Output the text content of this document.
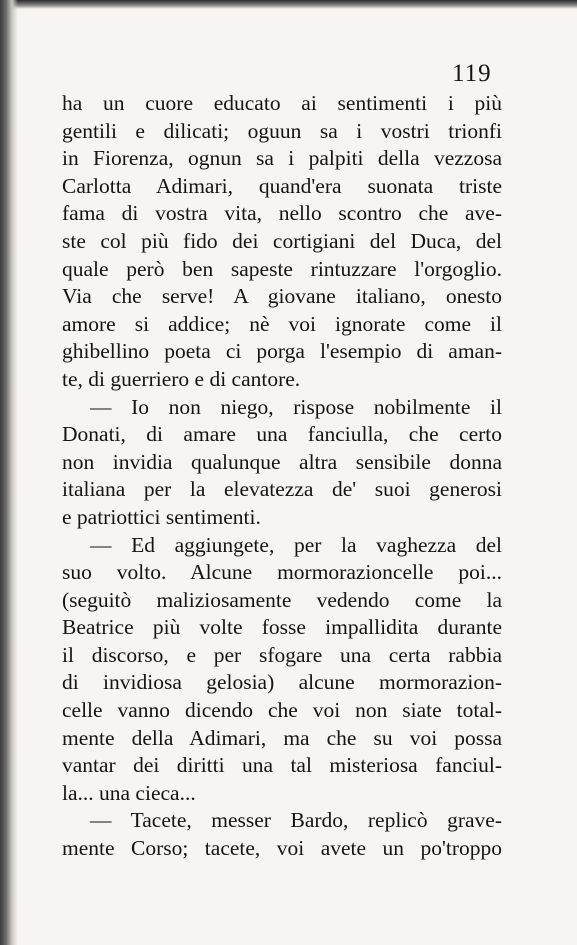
119
ha un cuore educato ai sentimenti i più
gentili e dilicati; oguun sa i vostri trionfi
in Fiorenza, ognun sa i palpiti della vezzosa
Carlotta Adimari, quand'era suonata triste
fama di vostra vita, nello scontro che ave-
ste col più fido dei cortigiani del Duca, del
quale però ben sapeste rintuzzare l'orgoglio.
Via che serve! A giovane italiano, onesto
amore si addice; nè voi ignorate come il
ghibellino poeta ci porga l'esempio di aman-
te, di guerriero e di cantore.
— Io non niego, rispose nobilmente il
Donati, di amare una fanciulla, che certo
non invidia qualunque altra sensibile donna
italiana per la elevatezza de' suoi generosi
e patriottici sentimenti.
— Ed aggiungete, per la vaghezza del
suo volto. Alcune mormorazioncelle poi...
(seguitò maliziosamente vedendo come la
Beatrice più volte fosse impallidita durante
il discorso, e per sfogare una certa rabbia
di invidiosa gelosia) alcune mormorazion-
celle vanno dicendo che voi non siate total-
mente della Adimari, ma che su voi possa
vantar dei diritti una tal misteriosa fanciul-
la... una cieca...
— Tacete, messer Bardo, replicò grave-
mente Corso; tacete, voi avete un po'troppo
